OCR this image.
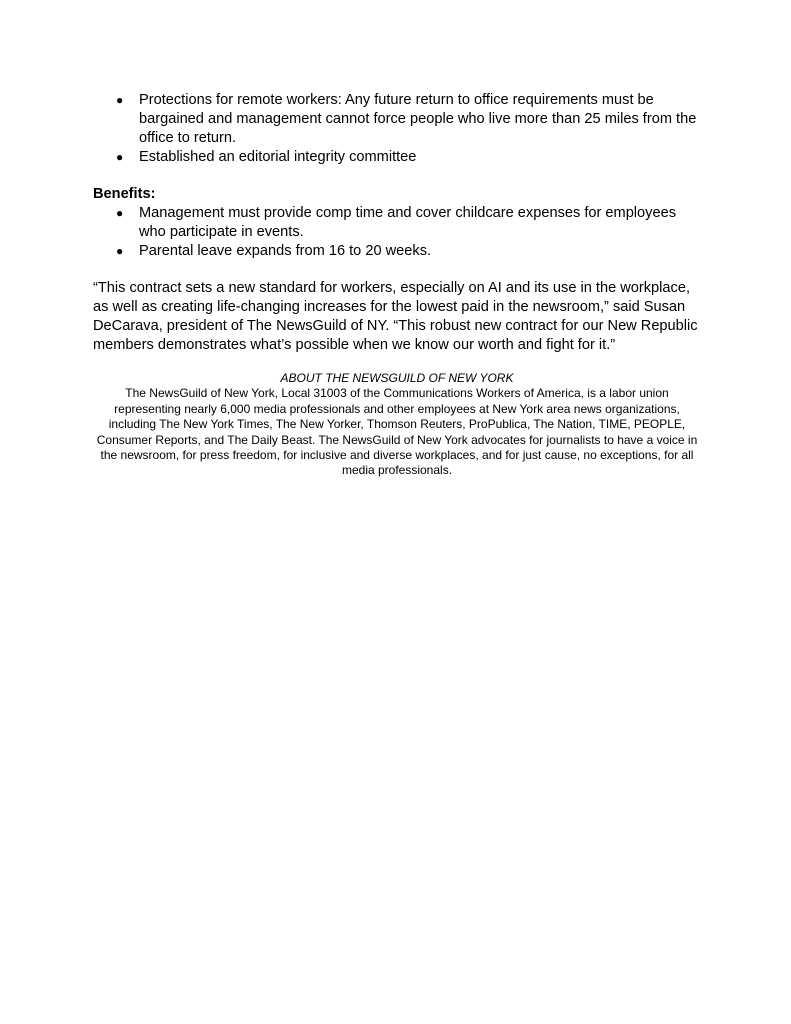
● Protections for remote workers: Any future return to office requirements must be bargained and management cannot force people who live more than 25 miles from the office to return.
● Established an editorial integrity committee

Benefits:

● Management must provide comp time and cover childcare expenses for employees who participate in events.
● Parental leave expands from 16 to 20 weeks.

“This contract sets a new standard for workers, especially on AI and its use in the workplace, as well as creating life-changing increases for the lowest paid in the newsroom,” said Susan DeCarava, president of The NewsGuild of NY. “This robust new contract for our New Republic members demonstrates what’s possible when we know our worth and fight for it.”

ABOUT THE NEWSGUILD OF NEW YORK

The NewsGuild of New York, Local 31003 of the Communications Workers of America, is a labor union representing nearly 6,000 media professionals and other employees at New York area news organizations, including The New York Times, The New Yorker, Thomson Reuters, ProPublica, The Nation, TIME, PEOPLE, Consumer Reports, and The Daily Beast. The NewsGuild of New York advocates for journalists to have a voice in the newsroom, for press freedom, for inclusive and diverse workplaces, and for just cause, no exceptions, for all media professionals.
